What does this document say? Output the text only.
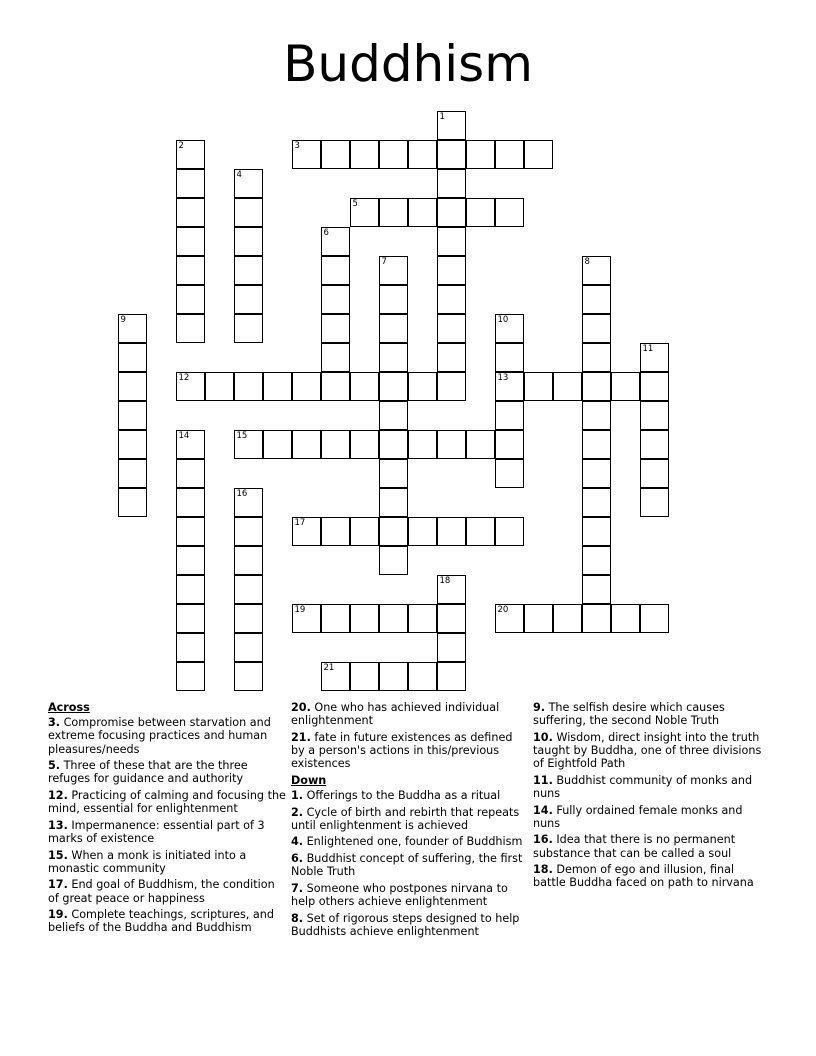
Buddhism
1
2	3
4
5
6
7	8
9	10
11
12	13
14	15
16
17
18
19	20
21
Across
3. Compromise between starvation and extreme focusing practices and human pleasures/needs
5. Three of these that are the three refuges for guidance and authority
12. Practicing of calming and focusing the mind, essential for enlightenment
13. Impermanence: essential part of 3 marks of existence
15. When a monk is initiated into a monastic community
17. End goal of Buddhism, the condition of great peace or happiness
19. Complete teachings, scriptures, and beliefs of the Buddha and Buddhism
20. One who has achieved individual enlightenment
21. fate in future existences as defined by a person's actions in this/previous existences
Down
1. Offerings to the Buddha as a ritual
2. Cycle of birth and rebirth that repeats until enlightenment is achieved
4. Enlightened one, founder of Buddhism
6. Buddhist concept of suffering, the first Noble Truth
7. Someone who postpones nirvana to help others achieve enlightenment
8. Set of rigorous steps designed to help Buddhists achieve enlightenment
9. The selfish desire which causes suffering, the second Noble Truth
10. Wisdom, direct insight into the truth taught by Buddha, one of three divisions of Eightfold Path
11. Buddhist community of monks and nuns
14. Fully ordained female monks and nuns
16. Idea that there is no permanent substance that can be called a soul
18. Demon of ego and illusion, final battle Buddha faced on path to nirvana
